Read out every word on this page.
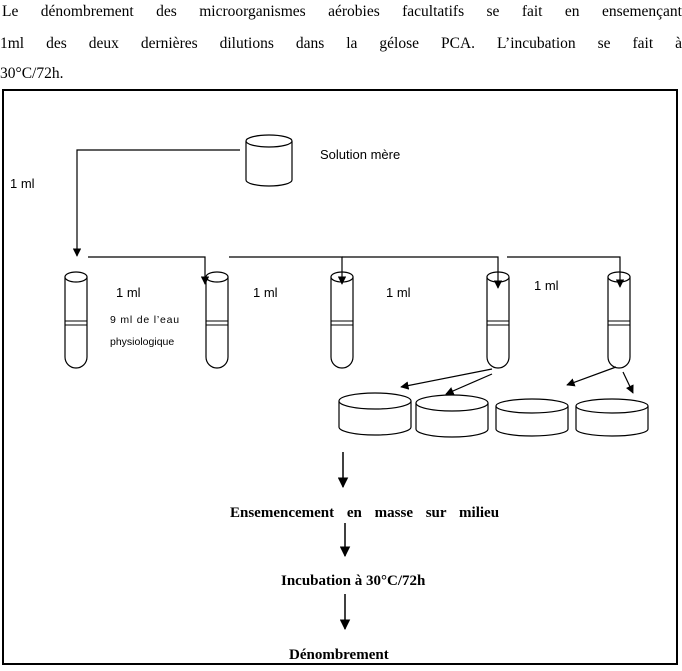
Le dénombrement des microorganismes aérobies facultatifs se fait en ensemençant
1ml des deux dernières dilutions dans la gélose PCA. L’incubation se fait à
30°C/72h.
Solution mère
1 ml
1 ml	1 ml	1 ml	1 ml
9 ml de l’eau
physiologique
Ensemencement en masse sur milieu
Incubation à 30°C/72h
Dénombrement
